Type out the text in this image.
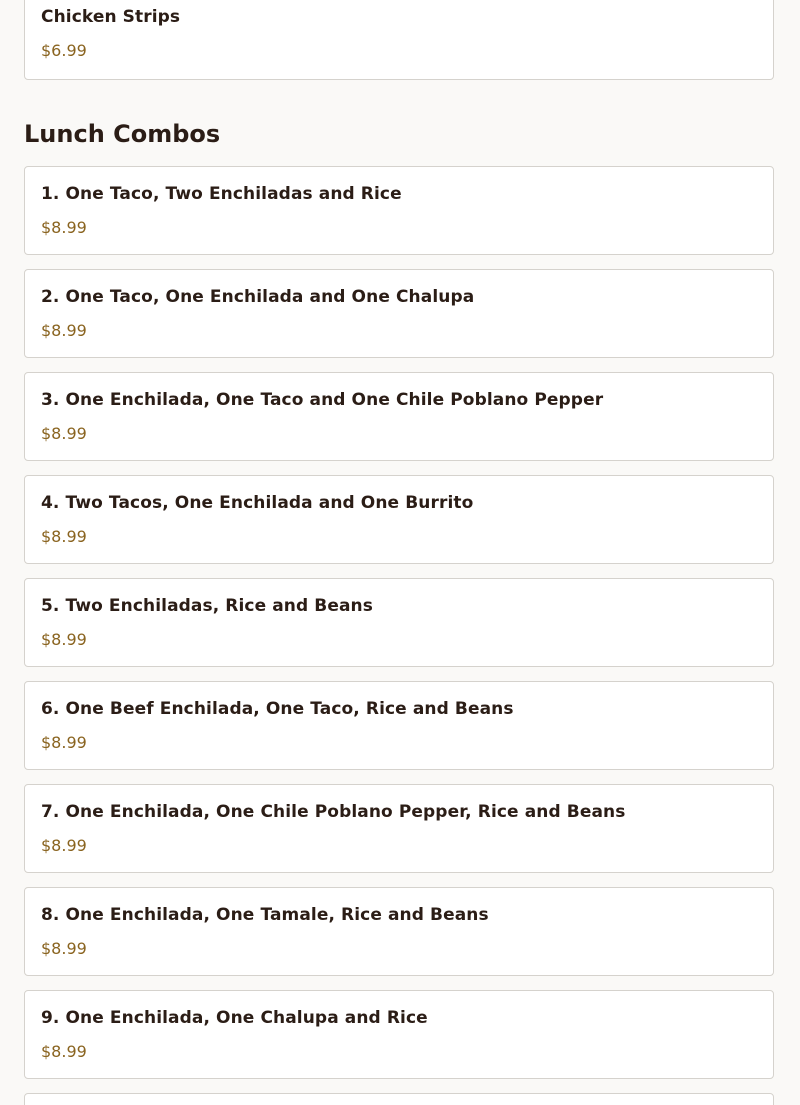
Chicken Strips
$6.99
Lunch Combos
1. One Taco, Two Enchiladas and Rice
$8.99
2. One Taco, One Enchilada and One Chalupa
$8.99
3. One Enchilada, One Taco and One Chile Poblano Pepper
$8.99
4. Two Tacos, One Enchilada and One Burrito
$8.99
5. Two Enchiladas, Rice and Beans
$8.99
6. One Beef Enchilada, One Taco, Rice and Beans
$8.99
7. One Enchilada, One Chile Poblano Pepper, Rice and Beans
$8.99
8. One Enchilada, One Tamale, Rice and Beans
$8.99
9. One Enchilada, One Chalupa and Rice
$8.99
